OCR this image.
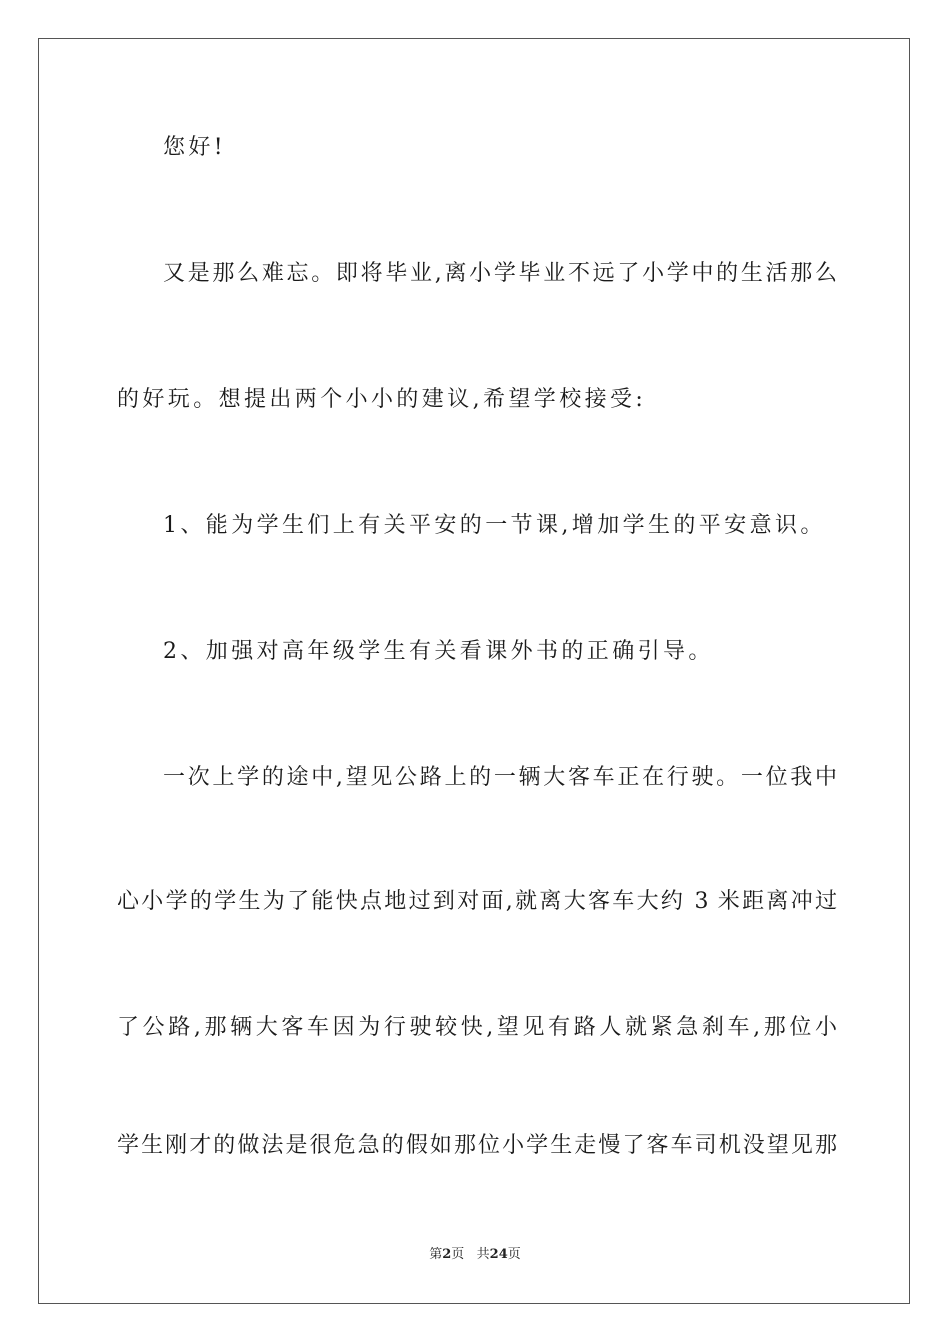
您好!
又是那么难忘。即将毕业,离小学毕业不远了小学中的生活那么
的好玩。想提出两个小小的建议,希望学校接受:
1、能为学生们上有关平安的一节课,增加学生的平安意识。
2、加强对高年级学生有关看课外书的正确引导。
一次上学的途中,望见公路上的一辆大客车正在行驶。一位我中
心小学的学生为了能快点地过到对面,就离大客车大约 3 米距离冲过
了公路,那辆大客车因为行驶较快,望见有路人就紧急刹车,那位小
学生刚才的做法是很危急的假如那位小学生走慢了客车司机没望见那
第2页   共24页
